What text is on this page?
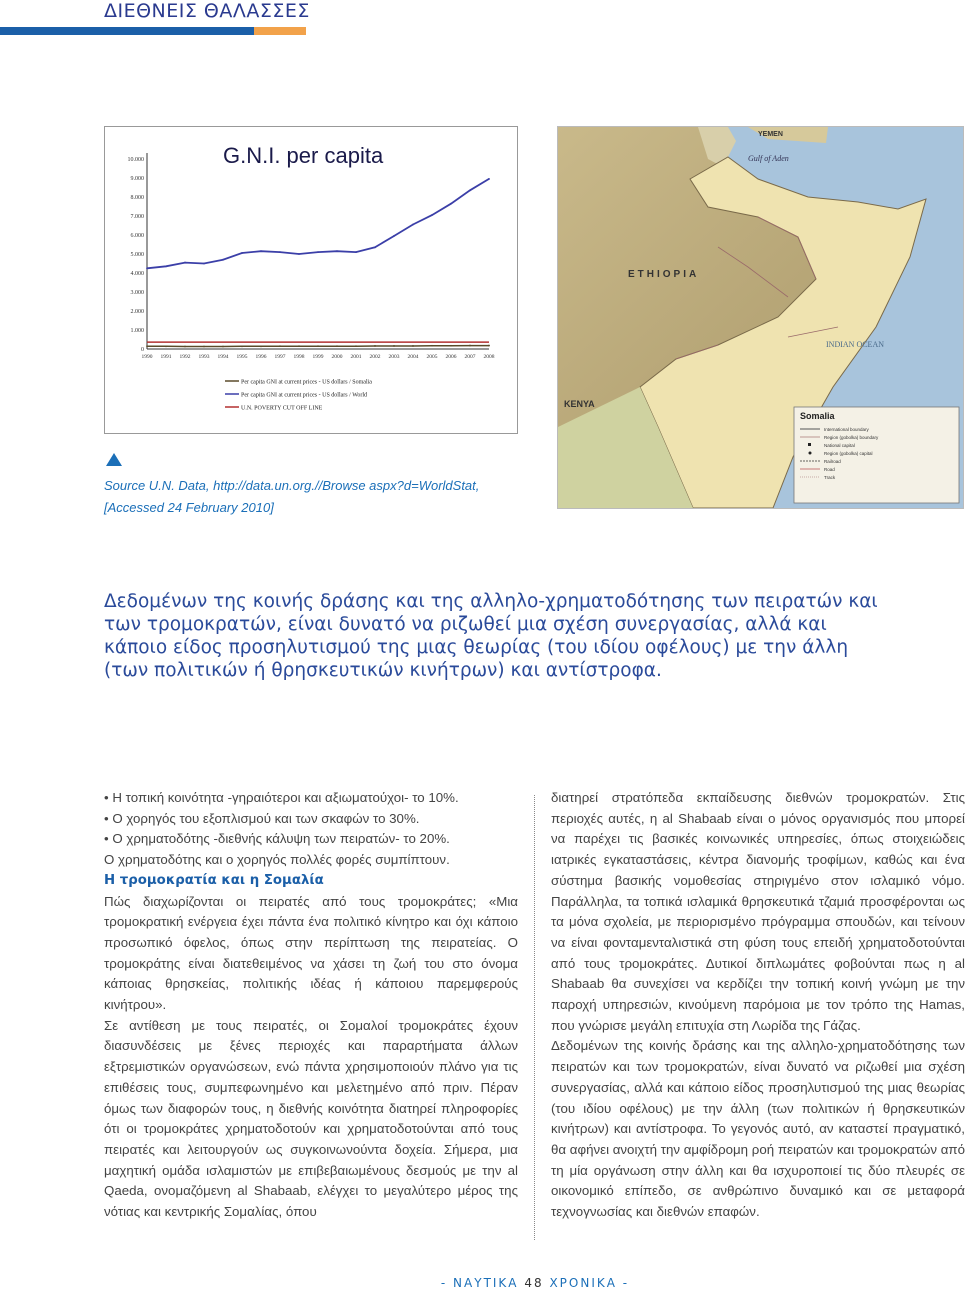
ΔΙΕΘΝΕΙΣ ΘΑΛΑΣΣΕΣ
G.N.I. per capita
10.000
9.000
8.000
7.000
6.000
5.000
4.000
3.000
2.000
1.000
0
1990 1991 1992 1993 1994 1995 1996 1997 1998 1999 2000 2001 2002 2003 2004 2005 2006 2007 2008
Per capita GNI at current prices - US dollars / Somalia
Per capita GNI at current prices - US dollars / World
U.N. POVERTY CUT OFF LINE
Source U.N. Data, http://data.un.org.//Browse aspx?d=WorldStat,
[Accessed 24 February 2010]
ETHIOPIA
KENYA
YEMEN
Gulf of Aden
INDIAN OCEAN
Somalia
International boundary
Region (gobolka) boundary
National capital
Region (gobolka) capital
Railroad
Road
Track
Δεδομένων της κοινής δράσης και της αλληλο-χρηματοδότησης των πειρατών και των τρομοκρατών, είναι δυνατό να ριζωθεί μια σχέση συνεργασίας, αλλά και κάποιο είδος προσηλυτισμού της μιας θεωρίας (του ιδίου οφέλους) με την άλλη (των πολιτικών ή θρησκευτικών κινήτρων) και αντίστροφα.

• Η τοπική κοινότητα -γηραιότεροι και αξιωματούχοι- το 10%.

• Ο χορηγός του εξοπλισμού και των σκαφών το 30%.

• Ο χρηματοδότης -διεθνής κάλυψη των πειρατών- το 20%.

Ο χρηματοδότης και ο χορηγός πολλές φορές συμπίπτουν.

Η τρομοκρατία και η Σομαλία

Πώς διαχωρίζονται οι πειρατές από τους τρομοκράτες; «Μια τρομοκρατική ενέργεια έχει πάντα ένα πολιτικό κίνητρο και όχι κάποιο προσωπικό όφελος, όπως στην περίπτωση της πειρατείας. Ο τρομοκράτης είναι διατεθειμένος να χάσει τη ζωή του στο όνομα κάποιας θρησκείας, πολιτικής ιδέας ή κάποιου παρεμφερούς κινήτρου».

Σε αντίθεση με τους πειρατές, οι Σομαλοί τρομοκράτες έχουν διασυνδέσεις με ξένες περιοχές και παραρτήματα άλλων εξτρεμιστικών οργανώσεων, ενώ πάντα χρησιμοποιούν πλάνο για τις επιθέσεις τους, συμπεφωνημένο και μελετημένο από πριν. Πέραν όμως των διαφορών τους, η διεθνής κοινότητα διατηρεί πληροφορίες ότι οι τρομοκράτες χρηματοδοτούν και χρηματοδοτούνται από τους πειρατές και λειτουργούν ως συγκοινωνούντα δοχεία. Σήμερα, μια μαχητική ομάδα ισλαμιστών με επιβεβαιωμένους δεσμούς με την al Qaeda, ονομαζόμενη al Shabaab, ελέγχει το μεγαλύτερο μέρος της νότιας και κεντρικής Σομαλίας, όπου

διατηρεί στρατόπεδα εκπαίδευσης διεθνών τρομοκρατών. Στις περιοχές αυτές, η al Shabaab είναι ο μόνος οργανισμός που μπορεί να παρέχει τις βασικές κοινωνικές υπηρεσίες, όπως στοιχειώδεις ιατρικές εγκαταστάσεις, κέντρα διανομής τροφίμων, καθώς και ένα σύστημα βασικής νομοθεσίας στηριγμένο στον ισλαμικό νόμο. Παράλληλα, τα τοπικά ισλαμικά θρησκευτικά τζαμιά προσφέρονται ως τα μόνα σχολεία, με περιορισμένο πρόγραμμα σπουδών, και τείνουν να είναι φονταμενταλιστικά στη φύση τους επειδή χρηματοδοτούνται από τους τρομοκράτες. Δυτικοί διπλωμάτες φοβούνται πως η al Shabaab θα συνεχίσει να κερδίζει την τοπική κοινή γνώμη με την παροχή υπηρεσιών, κινούμενη παρόμοια με τον τρόπο της Hamas, που γνώρισε μεγάλη επιτυχία στη Λωρίδα της Γάζας.

Δεδομένων της κοινής δράσης και της αλληλο-χρηματοδότησης των πειρατών και των τρομοκρατών, είναι δυνατό να ριζωθεί μια σχέση συνεργασίας, αλλά και κάποιο είδος προσηλυτισμού της μιας θεωρίας (του ιδίου οφέλους) με την άλλη (των πολιτικών ή θρησκευτικών κινήτρων) και αντίστροφα. Το γεγονός αυτό, αν καταστεί πραγματικό, θα αφήνει ανοιχτή την αμφίδρομη ροή πειρατών και τρομοκρατών από τη μία οργάνωση στην άλλη και θα ισχυροποιεί τις δύο πλευρές σε οικονομικό επίπεδο, σε ανθρώπινο δυναμικό και σε μεταφορά τεχνογνωσίας και διεθνών επαφών.

- ΝΑΥΤΙΚΑ 48 ΧΡΟΝΙΚΑ -
